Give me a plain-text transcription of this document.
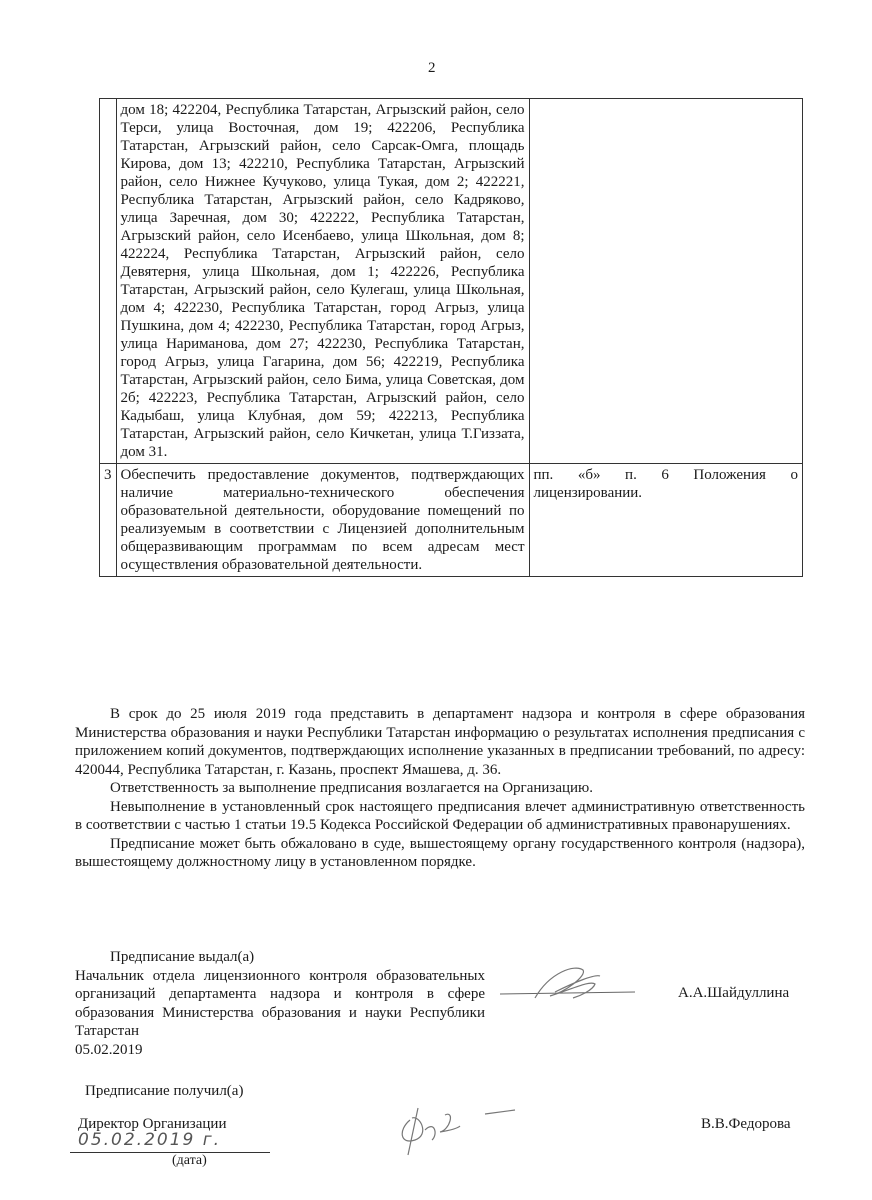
2
	дом 18; 422204, Республика Татарстан, Агрызский район, село Терси, улица Восточная, дом 19; 422206, Республика Татарстан, Агрызский район, село Сарсак-Омга, площадь Кирова, дом 13; 422210, Республика Татарстан, Агрызский район, село Нижнее Кучуково, улица Тукая, дом 2; 422221, Республика Татарстан, Агрызский район, село Кадряково, улица Заречная, дом 30; 422222, Республика Татарстан, Агрызский район, село Исенбаево, улица Школьная, дом 8; 422224, Республика Татарстан, Агрызский район, село Девятерня, улица Школьная, дом 1; 422226, Республика Татарстан, Агрызский район, село Кулегаш, улица Школьная, дом 4; 422230, Республика Татарстан, город Агрыз, улица Пушкина, дом 4; 422230, Республика Татарстан, город Агрыз, улица Нариманова, дом 27; 422230, Республика Татарстан, город Агрыз, улица Гагарина, дом 56; 422219, Республика Татарстан, Агрызский район, село Бима, улица Советская, дом 2б; 422223, Республика Татарстан, Агрызский район, село Кадыбаш, улица Клубная, дом 59; 422213, Республика Татарстан, Агрызский район, село Кичкетан, улица Т.Гиззата, дом 31.	
3	Обеспечить предоставление документов, подтверждающих наличие материально-технического обеспечения образовательной деятельности, оборудование помещений по реализуемым в соответствии с Лицензией дополнительным общеразвивающим программам по всем адресам мест осуществления образовательной деятельности.	пп. «б» п. 6 Положения о лицензировании.

В срок до 25 июля 2019 года представить в департамент надзора и контроля в сфере образования Министерства образования и науки Республики Татарстан информацию о результатах исполнения предписания с приложением копий документов, подтверждающих исполнение указанных в предписании требований, по адресу: 420044, Республика Татарстан, г. Казань, проспект Ямашева, д. 36.

Ответственность за выполнение предписания возлагается на Организацию.

Невыполнение в установленный срок настоящего предписания влечет административную ответственность в соответствии с частью 1 статьи 19.5 Кодекса Российской Федерации об административных правонарушениях.

Предписание может быть обжаловано в суде, вышестоящему органу государственного контроля (надзора), вышестоящему должностному лицу в установленном порядке.

Предписание выдал(а)
Начальник отдела лицензионного контроля образовательных организаций департамента надзора и контроля в сфере образования Министерства образования и науки Республики Татарстан
05.02.2019
А.А.Шайдуллина
Предписание получил(а)
Директор Организации
05.02.2019 г.
(дата)
В.В.Федорова
